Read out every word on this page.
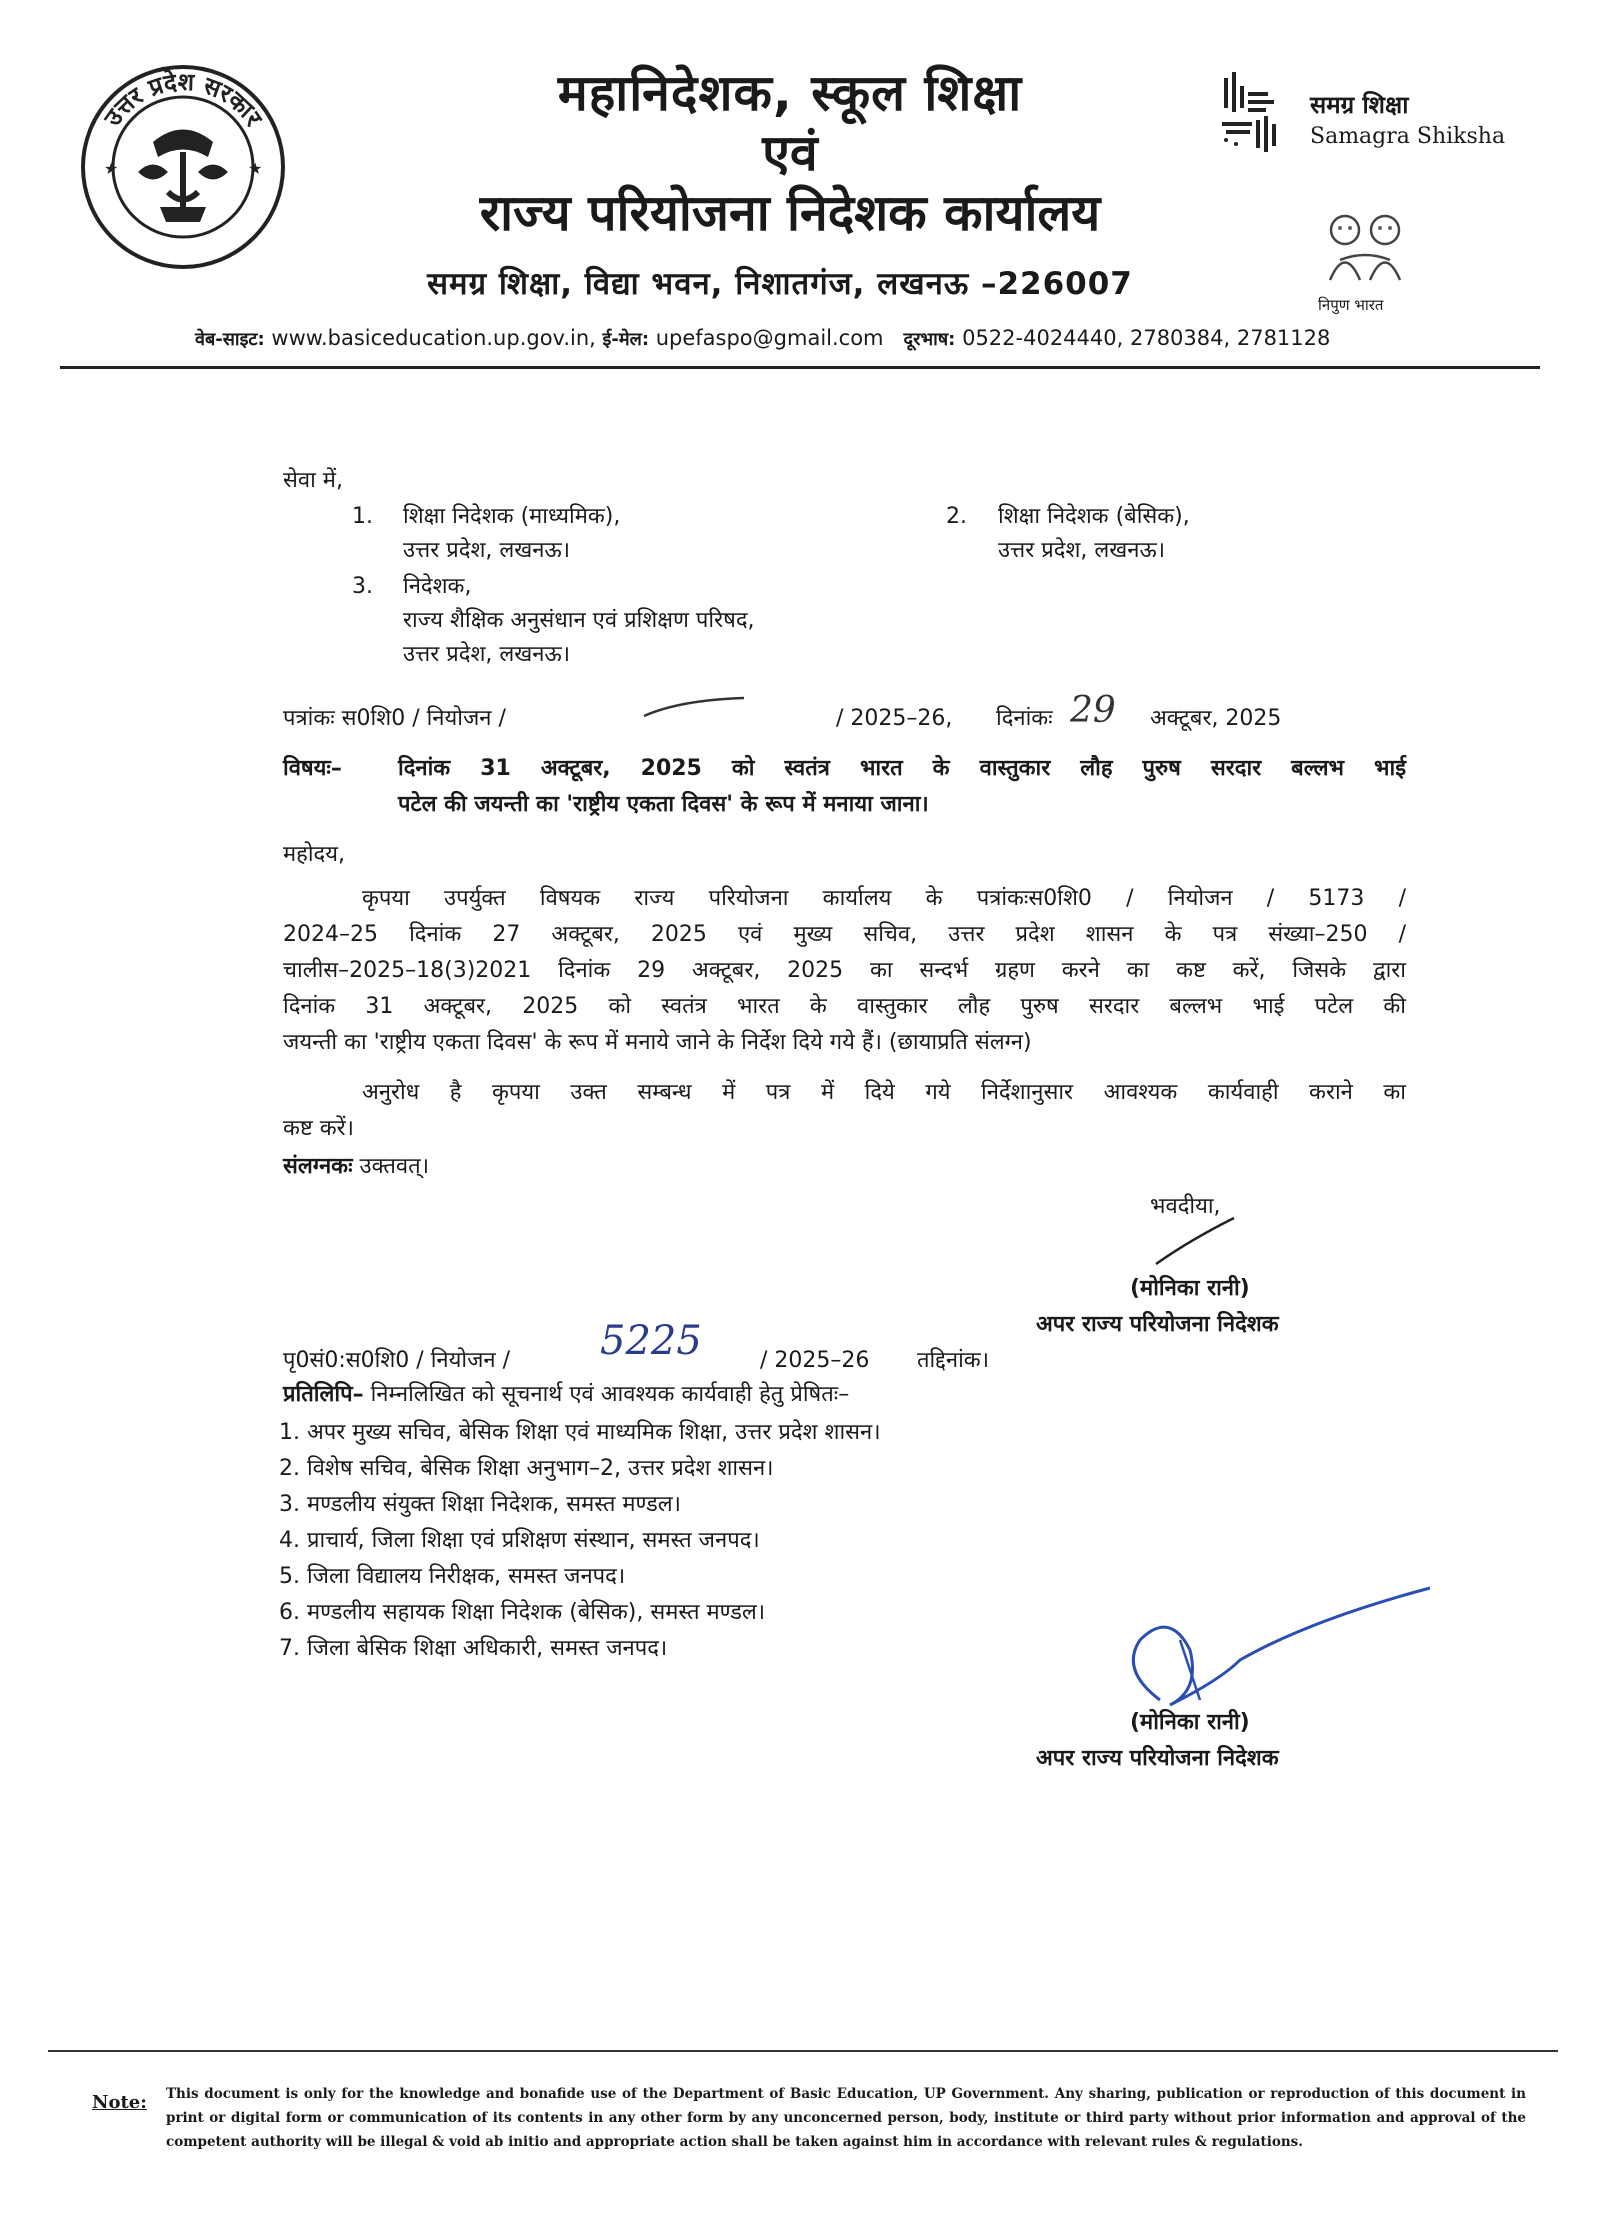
★	★
उत्तर प्रदेश सरकार	महानिदेशक, स्कूल शिक्षा
एवं
राज्य परियोजना निदेशक कार्यालय
समग्र शिक्षा, विद्या भवन, निशातगंज, लखनऊ –226007
समग्र शिक्षा
Samagra Shiksha
निपुण भारत
वेब-साइट: www.basiceducation.up.gov.in, ई-मेल: upefaspo@gmail.com दूरभाष: 0522-4024440, 2780384, 2781128
सेवा में,
1. शिक्षा निदेशक (माध्यमिक),
उत्तर प्रदेश, लखनऊ।
2. शिक्षा निदेशक (बेसिक),
उत्तर प्रदेश, लखनऊ।
3. निदेशक,
राज्य शैक्षिक अनुसंधान एवं प्रशिक्षण परिषद,
उत्तर प्रदेश, लखनऊ।
पत्रांकः स0शि0 / नियोजन /	/ 2025–26, दिनांकः 29 अक्टूबर, 2025
विषयः–	दिनांक 31 अक्टूबर, 2025 को स्वतंत्र भारत के वास्तुकार लौह पुरुष सरदार बल्लभ भाई
पटेल की जयन्ती का 'राष्ट्रीय एकता दिवस' के रूप में मनाया जाना।
महोदय,
कृपया उपर्युक्त विषयक राज्य परियोजना कार्यालय के पत्रांकःस0शि0 / नियोजन / 5173 /
2024–25 दिनांक 27 अक्टूबर, 2025 एवं मुख्य सचिव, उत्तर प्रदेश शासन के पत्र संख्या–250 /
चालीस–2025–18(3)2021 दिनांक 29 अक्टूबर, 2025 का सन्दर्भ ग्रहण करने का कष्ट करें, जिसके द्वारा
दिनांक 31 अक्टूबर, 2025 को स्वतंत्र भारत के वास्तुकार लौह पुरुष सरदार बल्लभ भाई पटेल की
जयन्ती का 'राष्ट्रीय एकता दिवस' के रूप में मनाये जाने के निर्देश दिये गये हैं। (छायाप्रति संलग्न)
अनुरोध है कृपया उक्त सम्बन्ध में पत्र में दिये गये निर्देशानुसार आवश्यक कार्यवाही कराने का
कष्ट करें।
संलग्नकः उक्तवत्।
भवदीया,
(मोनिका रानी)
अपर राज्य परियोजना निदेशक
पृ0सं0:स0शि0 / नियोजन / 5225	/ 2025–26 तद्दिनांक।
प्रतिलिपि– निम्नलिखित को सूचनार्थ एवं आवश्यक कार्यवाही हेतु प्रेषितः–
1. अपर मुख्य सचिव, बेसिक शिक्षा एवं माध्यमिक शिक्षा, उत्तर प्रदेश शासन।
2. विशेष सचिव, बेसिक शिक्षा अनुभाग–2, उत्तर प्रदेश शासन।
3. मण्डलीय संयुक्त शिक्षा निदेशक, समस्त मण्डल।
4. प्राचार्य, जिला शिक्षा एवं प्रशिक्षण संस्थान, समस्त जनपद।
5. जिला विद्यालय निरीक्षक, समस्त जनपद।
6. मण्डलीय सहायक शिक्षा निदेशक (बेसिक), समस्त मण्डल।
7. जिला बेसिक शिक्षा अधिकारी, समस्त जनपद।
(मोनिका रानी)
अपर राज्य परियोजना निदेशक
Note: This document is only for the knowledge and bonafide use of the Department of Basic Education, UP Government. Any sharing, publication or reproduction of this document in print or digital form or communication of its contents in any other form by any unconcerned person, body, institute or third party without prior information and approval of the competent authority will be illegal & void ab initio and appropriate action shall be taken against him in accordance with relevant rules & regulations.
